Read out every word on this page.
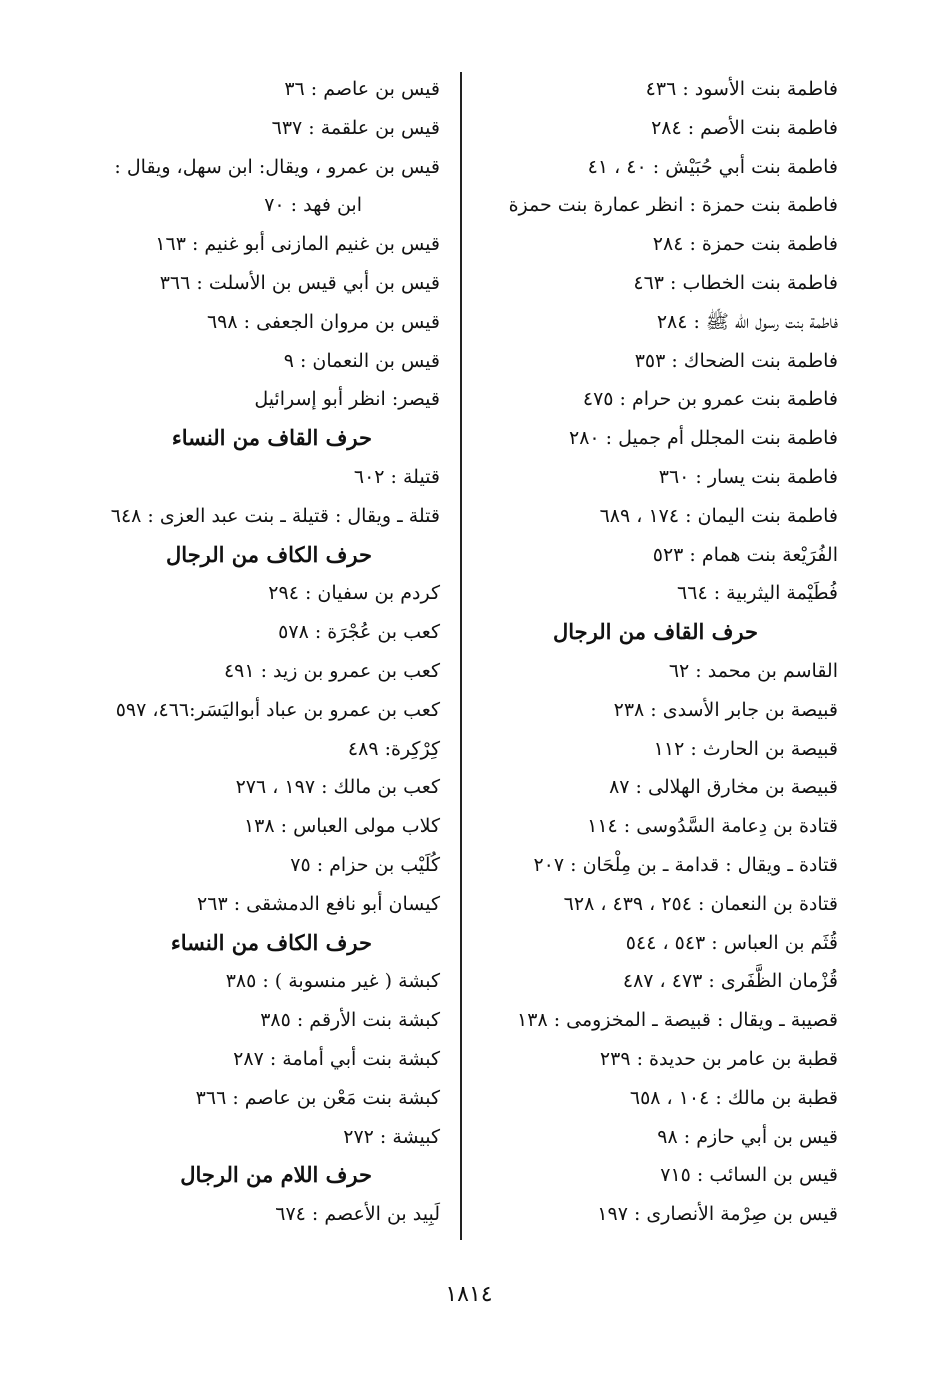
فاطمة بنت الأسود : ٤٣٦
فاطمة بنت الأصم : ٢٨٤
فاطمة بنت أبي حُبَيْش : ٤٠ ، ٤١
فاطمة بنت حمزة : انظر عمارة بنت حمزة
فاطمة بنت حمزة : ٢٨٤
فاطمة بنت الخطاب : ٤٦٣
فاطمة بنت رسول الله ﷺ : ٢٨٤
فاطمة بنت الضحاك : ٣٥٣
فاطمة بنت عمرو بن حرام : ٤٧٥
فاطمة بنت المجلل أم جميل : ٢٨٠
فاطمة بنت يسار : ٣٦٠
فاطمة بنت اليمان : ١٧٤ ، ٦٨٩
الفُرَيْعة بنت همام : ٥٢٣
فُطَيْمة اليثربية : ٦٦٤
حرف القاف من الرجال
القاسم بن محمد : ٦٢
قبيصة بن جابر الأسدى : ٢٣٨
قبيصة بن الحارث : ١١٢
قبيصة بن مخارق الهلالى : ٨٧
قتادة بن دِعامة السَّدُوسى : ١١٤
قتادة ـ ويقال : قدامة ـ بن مِلْحَان : ٢٠٧
قتادة بن النعمان : ٢٥٤ ، ٤٣٩ ، ٦٢٨
قُثَم بن العباس : ٥٤٣ ، ٥٤٤
قُزْمان الظَّفَرى : ٤٧٣ ، ٤٨٧
قصيبة ـ ويقال : قبيصة ـ المخزومى : ١٣٨
قطبة بن عامر بن حديدة : ٢٣٩
قطبة بن مالك : ١٠٤ ، ٦٥٨
قيس بن أبي حازم : ٩٨
قيس بن السائب : ٧١٥
قيس بن صِرْمة الأنصارى : ١٩٧
قيس بن عاصم : ٣٦
قيس بن علقمة : ٦٣٧
قيس بن عمرو ، ويقال: ابن سهل، ويقال :
ابن فهد : ٧٠
قيس بن غنيم المازنى أبو غنيم : ١٦٣
قيس بن أبي قيس بن الأسلت : ٣٦٦
قيس بن مروان الجعفى : ٦٩٨
قيس بن النعمان : ٩
قيصر: انظر أبو إسرائيل
حرف القاف من النساء
قتيلة : ٦٠٢
قتلة ـ ويقال : قتيلة ـ بنت عبد العزى : ٦٤٨
حرف الكاف من الرجال
كردم بن سفيان : ٢٩٤
كعب بن عُجْرَة : ٥٧٨
كعب بن عمرو بن زيد : ٤٩١
كعب بن عمرو بن عباد أبواليَسَر:٤٦٦، ٥٩٧
كِرْكِرة: ٤٨٩
كعب بن مالك : ١٩٧ ، ٢٧٦
كلاب مولى العباس : ١٣٨
كُلَيْب بن حزام : ٧٥
كيسان أبو نافع الدمشقى : ٢٦٣
حرف الكاف من النساء
كبشة ( غير منسوبة ) : ٣٨٥
كبشة بنت الأرقم : ٣٨٥
كبشة بنت أبي أمامة : ٢٨٧
كبشة بنت مَعْن بن عاصم : ٣٦٦
كبيشة : ٢٧٢
حرف اللام من الرجال
لَبِيد بن الأعصم : ٦٧٤
١٨١٤
